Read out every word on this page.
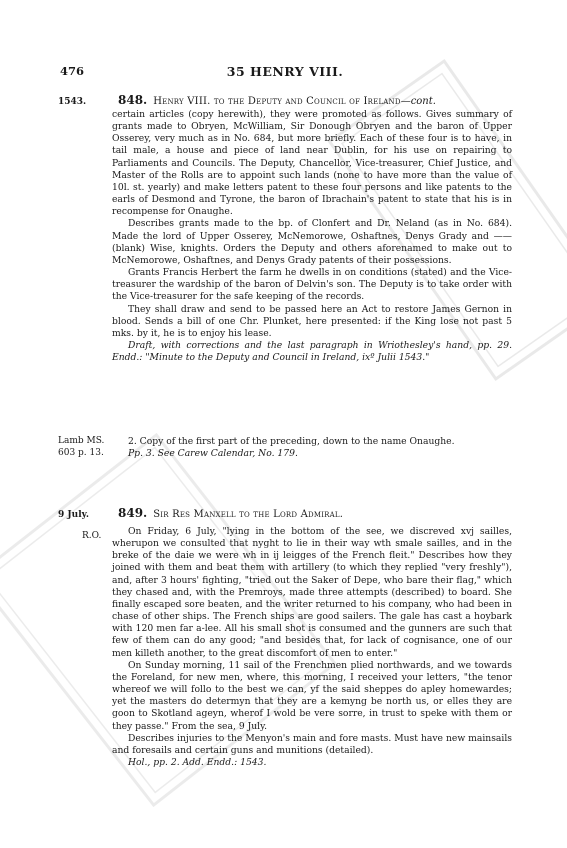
476	35 HENRY VIII.
1543.	848. Henry VIII. to the Deputy and Council of Ireland—cont.

certain articles (copy herewith), they were promoted as follows. Gives summary of grants made to Obryen, McWilliam, Sir Donough Obryen and the baron of Upper Osserey, very much as in No. 684, but more briefly. Each of these four is to have, in tail male, a house and piece of land near Dublin, for his use on repairing to Parliaments and Councils. The Deputy, Chancellor, Vice-treasurer, Chief Justice, and Master of the Rolls are to appoint such lands (none to have more than the value of 10l. st. yearly) and make letters patent to these four persons and like patents to the earls of Desmond and Tyrone, the baron of Ibrachain's patent to state that his is in recompense for Onaughe.

Describes grants made to the bp. of Clonfert and Dr. Neland (as in No. 684). Made the lord of Upper Osserey, McNemorowe, Oshaftnes, Denys Grady and —— (blank) Wise, knights. Orders the Deputy and others aforenamed to make out to McNemorowe, Oshaftnes, and Denys Grady patents of their possessions.

Grants Francis Herbert the farm he dwells in on conditions (stated) and the Vice-treasurer the wardship of the baron of Delvin's son. The Deputy is to take order with the Vice-treasurer for the safe keeping of the records.

They shall draw and send to be passed here an Act to restore James Gernon in blood. Sends a bill of one Chr. Plunket, here presented: if the King lose not past 5 mks. by it, he is to enjoy his lease.

Draft, with corrections and the last paragraph in Wriothesley's hand, pp. 29. Endd.: "Minute to the Deputy and Council in Ireland, ixº Julii 1543."

Lamb MS.
603 p. 13.

2. Copy of the first part of the preceding, down to the name Onaughe.

Pp. 3. See Carew Calendar, No. 179.

9 July.
R.O.
849. Sir Res Manxell to the Lord Admiral.

On Friday, 6 July, "lying in the bottom of the see, we discreved xvj sailles, wherupon we consulted that nyght to lie in their way wth smale sailles, and in the breke of the daie we were wh in ij leigges of the French fleit." Describes how they joined with them and beat them with artillery (to which they replied "very freshly"), and, after 3 hours' fighting, "tried out the Saker of Depe, who bare their flag," which they chased and, with the Premroys, made three attempts (described) to board. She finally escaped sore beaten, and the writer returned to his company, who had been in chase of other ships. The French ships are good sailers. The gale has cast a hoybark with 120 men far a-lee. All his small shot is consumed and the gunners are such that few of them can do any good; "and besides that, for lack of cognisance, one of our men killeth another, to the great discomfort of men to enter."

On Sunday morning, 11 sail of the Frenchmen plied northwards, and we towards the Foreland, for new men, where, this morning, I received your letters, "the tenor whereof we will follo to the best we can, yf the said sheppes do apley homewardes; yet the masters do determyn that they are a kemyng be north us, or elles they are goon to Skotland ageyn, wherof I wold be vere sorre, in trust to speke with them or they passe." From the sea, 9 July.

Describes injuries to the Menyon's main and fore masts. Must have new mainsails and foresails and certain guns and munitions (detailed).

Hol., pp. 2. Add. Endd.: 1543.
